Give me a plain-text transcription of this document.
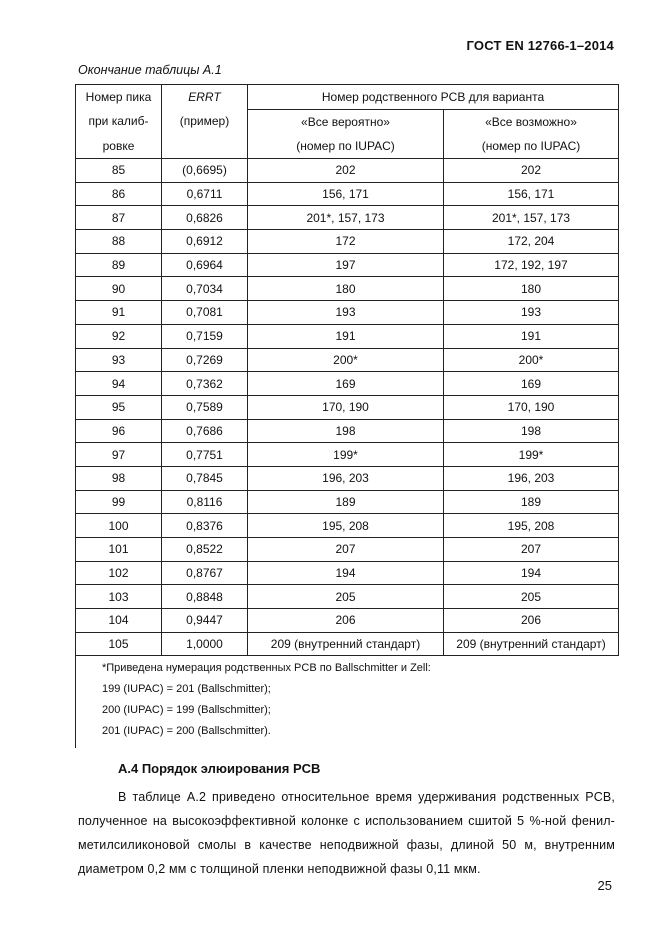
ГОСТ EN 12766-1–2014
Окончание таблицы А.1
Номер пика	ERRT	Номер родственного PCB для варианта	
при калиб-	(пример)	«Все вероятно»	«Все возможно»
ровке		(номер по IUPAC)	(номер по IUPAC)
85	(0,6695)	202	202
86	0,6711	156, 171	156, 171
87	0,6826	201*, 157, 173	201*, 157, 173
88	0,6912	172	172, 204
89	0,6964	197	172, 192, 197
90	0,7034	180	180
91	0,7081	193	193
92	0,7159	191	191
93	0,7269	200*	200*
94	0,7362	169	169
95	0,7589	170, 190	170, 190
96	0,7686	198	198
97	0,7751	199*	199*
98	0,7845	196, 203	196, 203
99	0,8116	189	189
100	0,8376	195, 208	195, 208
101	0,8522	207	207
102	0,8767	194	194
103	0,8848	205	205
104	0,9447	206	206
105	1,0000	209 (внутренний стандарт)	209 (внутренний стандарт)

*Приведена нумерация родственных PCB по Ballschmitter и Zell:
199 (IUPAC) = 201 (Ballschmitter);
200 (IUPAC) = 199 (Ballschmitter);
201 (IUPAC) = 200 (Ballschmitter).			
А.4 Порядок элюирования PCB
В таблице А.2 приведено относительное время удерживания родственных PCB, полученное на высокоэффективной колонке с использованием сшитой 5 %-ной фенил-метилсиликоновой смолы в качестве неподвижной фазы, длиной 50 м, внутренним диаметром 0,2 мм с толщиной пленки неподвижной фазы 0,11 мкм.
25
